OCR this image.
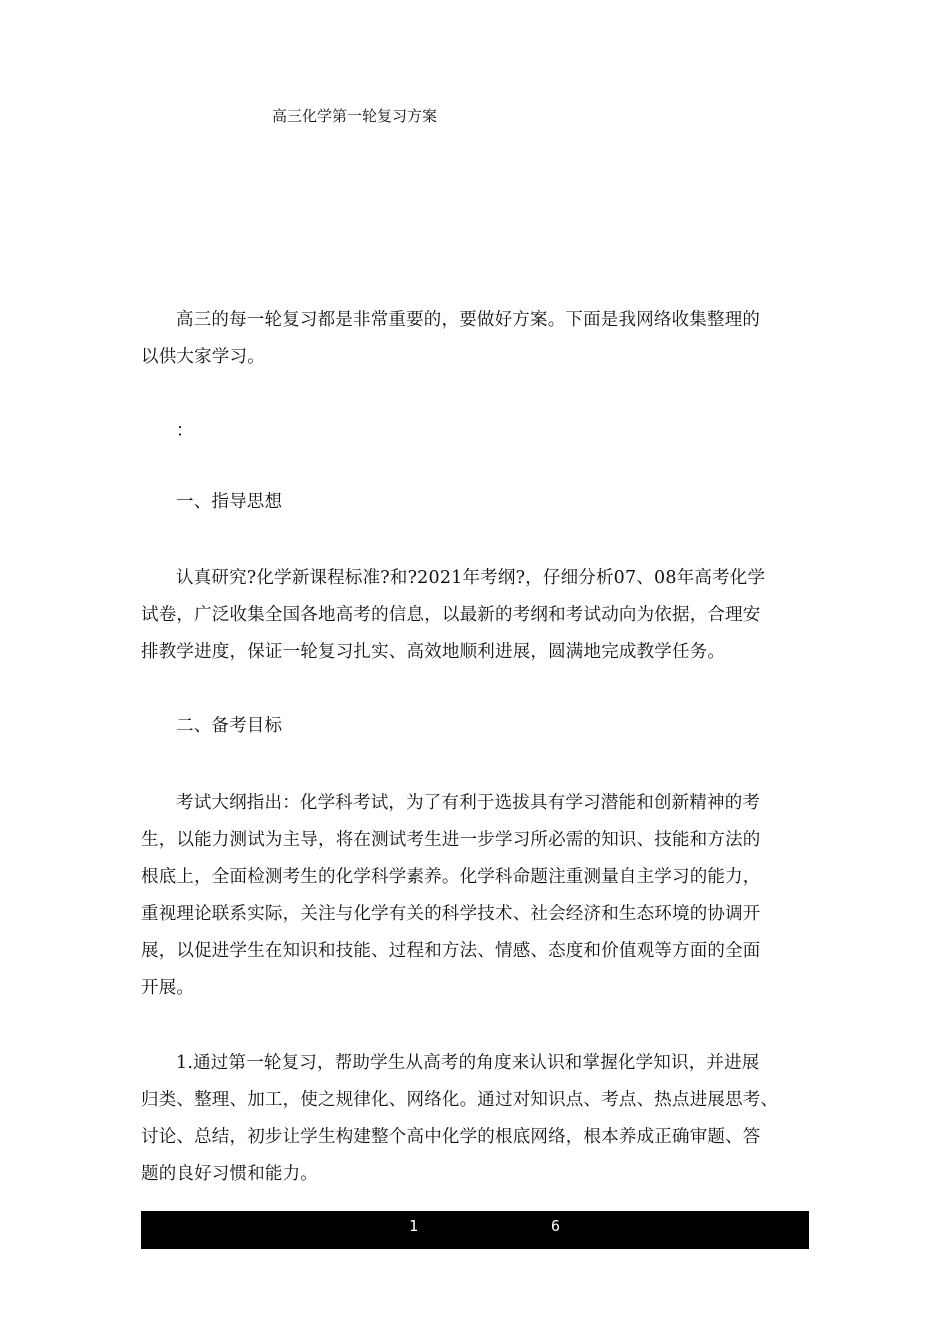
高三化学第一轮复习方案
高三的每一轮复习都是非常重要的，要做好方案。下面是我网络收集整理的
以供大家学习。
：
一、指导思想
认真研究?化学新课程标准?和?2021年考纲?，仔细分析07、08年高考化学
试卷，广泛收集全国各地高考的信息，以最新的考纲和考试动向为依据，合理安
排教学进度，保证一轮复习扎实、高效地顺利进展，圆满地完成教学任务。
二、备考目标
考试大纲指出：化学科考试，为了有利于选拔具有学习潜能和创新精神的考
生，以能力测试为主导，将在测试考生进一步学习所必需的知识、技能和方法的
根底上，全面检测考生的化学科学素养。化学科命题注重测量自主学习的能力，
重视理论联系实际，关注与化学有关的科学技术、社会经济和生态环境的协调开
展，以促进学生在知识和技能、过程和方法、情感、态度和价值观等方面的全面
开展。
1.通过第一轮复习，帮助学生从高考的角度来认识和掌握化学知识，并进展
归类、整理、加工，使之规律化、网络化。通过对知识点、考点、热点进展思考、
讨论、总结，初步让学生构建整个高中化学的根底网络，根本养成正确审题、答
题的良好习惯和能力。
1	6
